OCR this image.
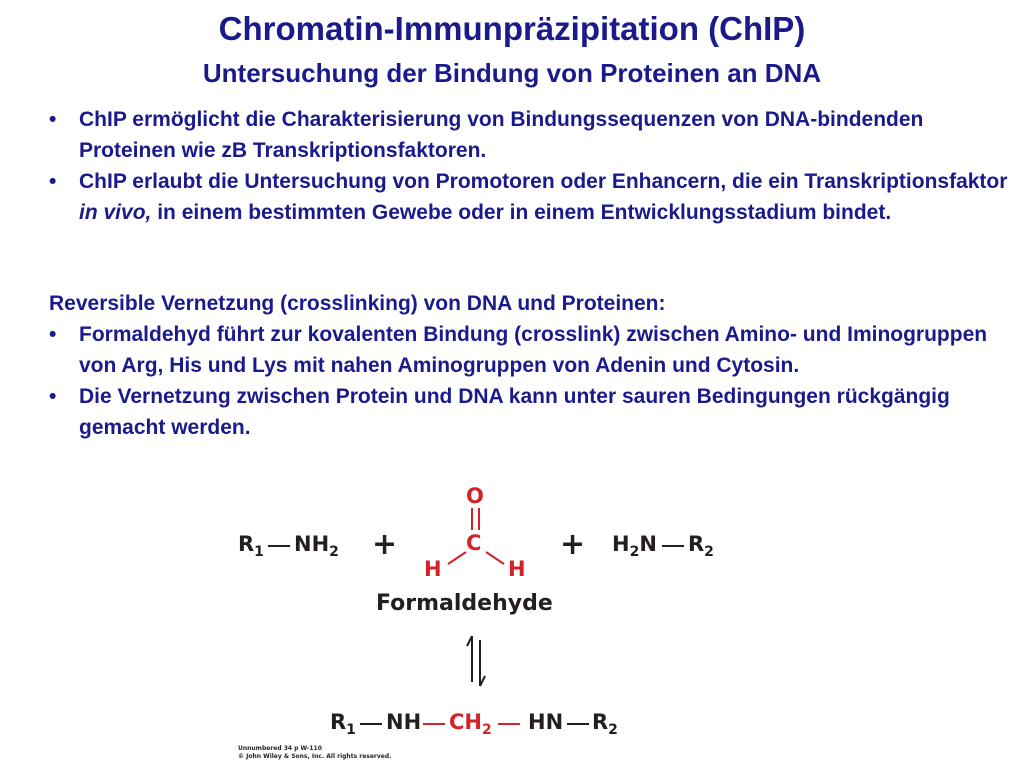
Chromatin-Immunpräzipitation (ChIP)
Untersuchung der Bindung von Proteinen an DNA
•	ChIP ermöglicht die Charakterisierung von Bindungssequenzen von DNA-bindenden Proteinen wie zB Transkriptionsfaktoren.
•	ChIP erlaubt die Untersuchung von Promotoren oder Enhancern, die ein Transkriptionsfaktor in vivo, in einem bestimmten Gewebe oder in einem Entwicklungsstadium bindet.
Reversible Vernetzung (crosslinking) von DNA und Proteinen:
•	Formaldehyd führt zur kovalenten Bindung (crosslink) zwischen Amino- und Iminogruppen von Arg, His und Lys mit nahen Aminogruppen von Adenin und Cytosin.
•	Die Vernetzung zwischen Protein und DNA kann unter sauren Bedingungen rückgängig gemacht werden.
$R_1$ $NH_2$ +
O
C
H	H
+ $H_2N$ $R_2$
Formaldehyde
$R_1$ NH $CH_2$ HN $R_2$
Unnumbered 34 p W-110
© John Wiley & Sons, Inc. All rights reserved.
